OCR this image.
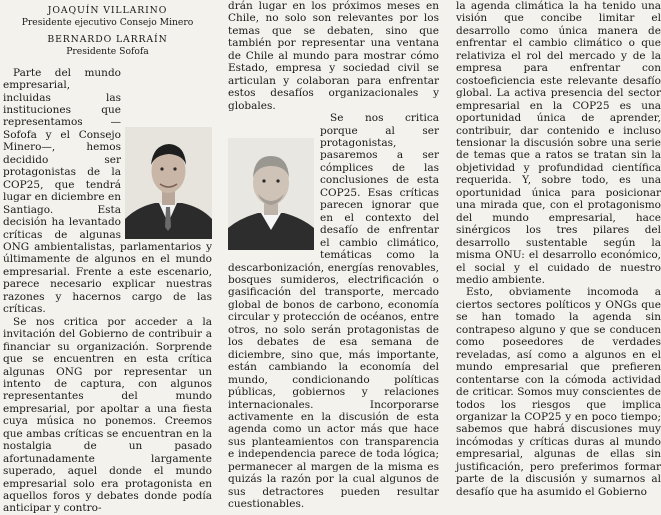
JOAQUÍN VILLARINO
Presidente ejecutivo Consejo Minero
BERNARDO LARRAÍN
Presidente Sofofa

Parte del mundo empresarial, incluidas las instituciones que representamos —Sofofa y el Consejo Minero—, hemos decidido ser protagonistas de la COP25, que tendrá lugar en diciembre en Santiago. Esta decisión ha levantado críticas de algunas ONG ambientalistas, parlamentarios y últimamente de algunos en el mundo empresarial. Frente a este escenario, parece necesario explicar nuestras razones y hacernos cargo de las críticas.

Se nos critica por acceder a la invitación del Gobierno de contribuir a financiar su organización. Sorprende que se encuentren en esta crítica algunas ONG por representar un intento de captura, con algunos representantes del mundo empresarial, por apoltar a una fiesta cuya música no ponemos. Creemos que ambas críticas se encuentran en la nostalgia de un pasado afortunadamente largamente superado, aquel donde el mundo empresarial solo era protagonista en aquellos foros y debates donde podía anticipar y contro-

drán lugar en los próximos meses en Chile, no solo son relevantes por los temas que se debaten, sino que también por representar una ventana de Chile al mundo para mostrar cómo Estado, empresa y sociedad civil se articulan y colaboran para enfrentar estos desafíos organizacionales y globales.

Se nos critica porque al ser protagonistas, pasaremos a ser cómplices de las conclusiones de esta COP25. Esas críticas parecen ignorar que en el contexto del desafío de enfrentar el cambio climático, temáticas como la descarbonización, energías renovables, bosques sumideros, electrificación o gasificación del transporte, mercado global de bonos de carbono, economía circular y protección de océanos, entre otros, no solo serán protagonistas de los debates de esa semana de diciembre, sino que, más importante, están cambiando la economía del mundo, condicionando políticas públicas, gobiernos y relaciones internacionales. Incorporarse activamente en la discusión de esta agenda como un actor más que hace sus planteamientos con transparencia e independencia parece de toda lógica; permanecer al margen de la misma es quizás la razón por la cual algunos de sus detractores pueden resultar cuestionables.

la agenda climática la ha tenido una visión que concibe limitar el desarrollo como única manera de enfrentar el cambio climático o que relativiza el rol del mercado y de la empresa para enfrentar con costoeficiencia este relevante desafío global. La activa presencia del sector empresarial en la COP25 es una oportunidad única de aprender, contribuir, dar contenido e incluso tensionar la discusión sobre una serie de temas que a ratos se tratan sin la objetividad y profundidad científica requerida. Y, sobre todo, es una oportunidad única para posicionar una mirada que, con el protagonismo del mundo empresarial, hace sinérgicos los tres pilares del desarrollo sustentable según la misma ONU: el desarrollo económico, el social y el cuidado de nuestro medio ambiente.

Esto, obviamente incomoda a ciertos sectores políticos y ONGs que se han tomado la agenda sin contrapeso alguno y que se conducen como poseedores de verdades reveladas, así como a algunos en el mundo empresarial que prefieren contentarse con la cómoda actividad de criticar. Somos muy conscientes de todos los riesgos que implica organizar la COP25 y en poco tiempo; sabemos que habrá discusiones muy incómodas y críticas duras al mundo empresarial, algunas de ellas sin justificación, pero preferimos formar parte de la discusión y sumarnos al desafío que ha asumido el Gobierno
